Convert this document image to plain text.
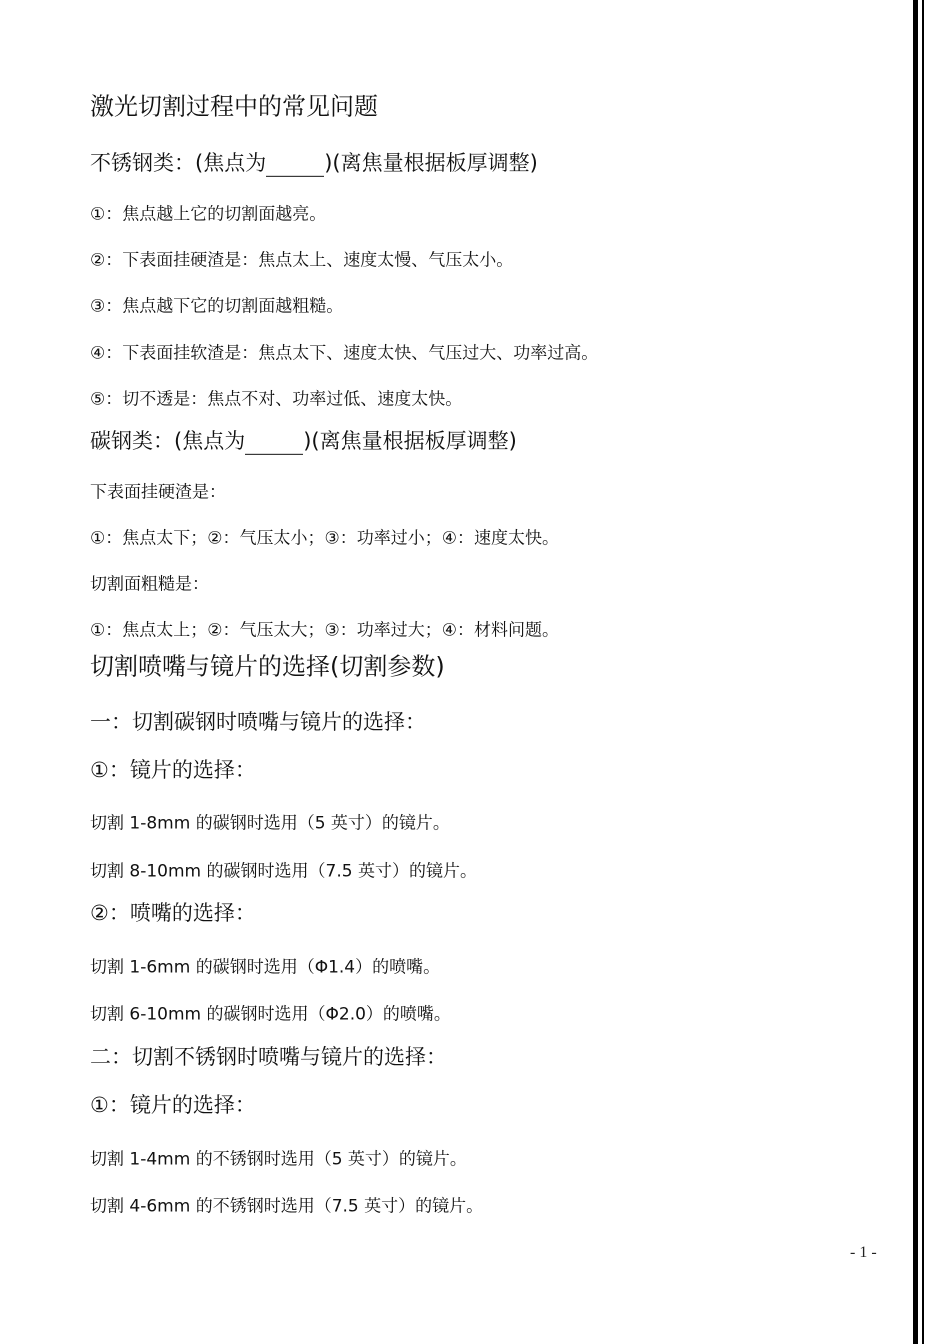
激光切割过程中的常见问题
不锈钢类：(焦点为	)(离焦量根据板厚调整)
①：焦点越上它的切割面越亮。
②：下表面挂硬渣是：焦点太上、速度太慢、气压太小。
③：焦点越下它的切割面越粗糙。
④：下表面挂软渣是：焦点太下、速度太快、气压过大、功率过高。
⑤：切不透是：焦点不对、功率过低、速度太快。
碳钢类：(焦点为	)(离焦量根据板厚调整)
下表面挂硬渣是：
①：焦点太下；②：气压太小；③：功率过小；④：速度太快。
切割面粗糙是：
①：焦点太上；②：气压太大；③：功率过大；④：材料问题。
切割喷嘴与镜片的选择(切割参数)
一：切割碳钢时喷嘴与镜片的选择：
①：镜片的选择：
切割 1-8mm 的碳钢时选用（5 英寸）的镜片。
切割 8-10mm 的碳钢时选用（7.5 英寸）的镜片。
②：喷嘴的选择：
切割 1-6mm 的碳钢时选用（Φ1.4）的喷嘴。
切割 6-10mm 的碳钢时选用（Φ2.0）的喷嘴。
二：切割不锈钢时喷嘴与镜片的选择：
①：镜片的选择：
切割 1-4mm 的不锈钢时选用（5 英寸）的镜片。
切割 4-6mm 的不锈钢时选用（7.5 英寸）的镜片。
- 1 -
